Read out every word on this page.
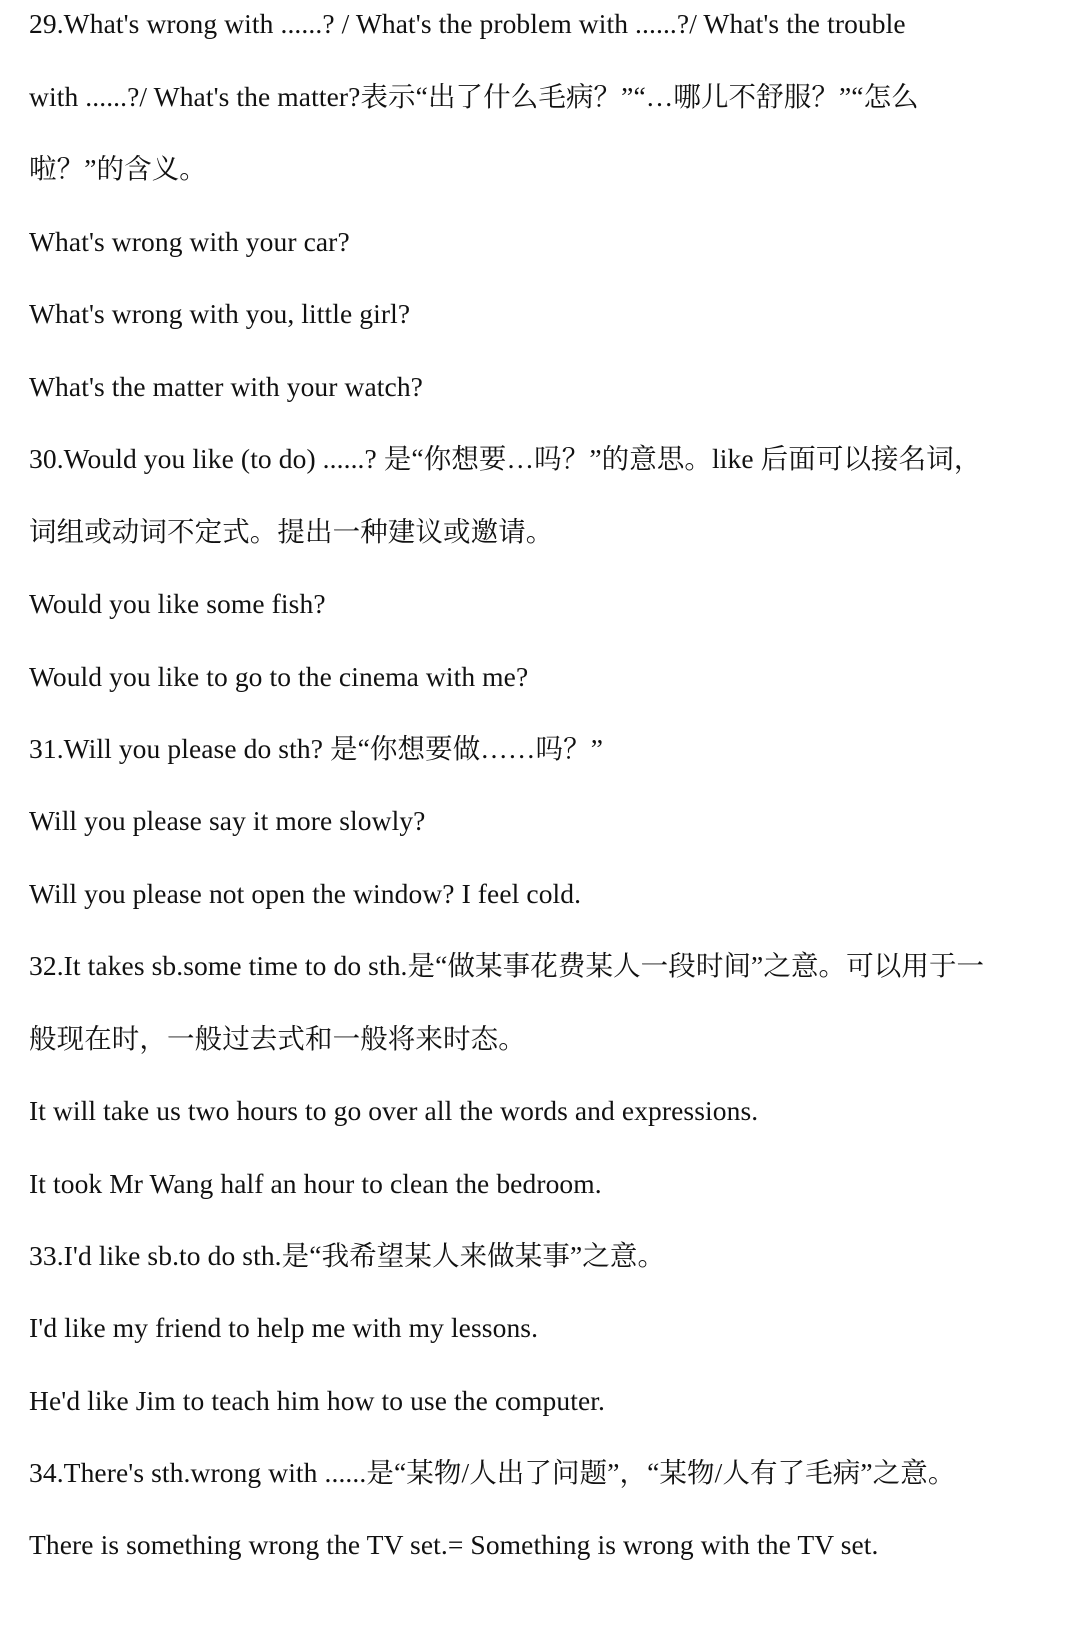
29.What's wrong with ......? / What's the problem with ......?/ What's the trouble
with ......?/ What's the matter?表示“出了什么毛病？”“…哪儿不舒服？”“怎么
啦？”的含义。
What's wrong with your car?
What's wrong with you, little girl?
What's the matter with your watch?
30.Would you like (to do) ......? 是“你想要…吗？”的意思。like 后面可以接名词，
词组或动词不定式。提出一种建议或邀请。
Would you like some fish?
Would you like to go to the cinema with me?
31.Will you please do sth? 是“你想要做……吗？”
Will you please say it more slowly?
Will you please not open the window? I feel cold.
32.It takes sb.some time to do sth.是“做某事花费某人一段时间”之意。可以用于一
般现在时，一般过去式和一般将来时态。
It will take us two hours to go over all the words and expressions.
It took Mr Wang half an hour to clean the bedroom.
33.I'd like sb.to do sth.是“我希望某人来做某事”之意。
I'd like my friend to help me with my lessons.
He'd like Jim to teach him how to use the computer.
34.There's sth.wrong with ......是“某物/人出了问题”，“某物/人有了毛病”之意。
There is something wrong the TV set.= Something is wrong with the TV set.
